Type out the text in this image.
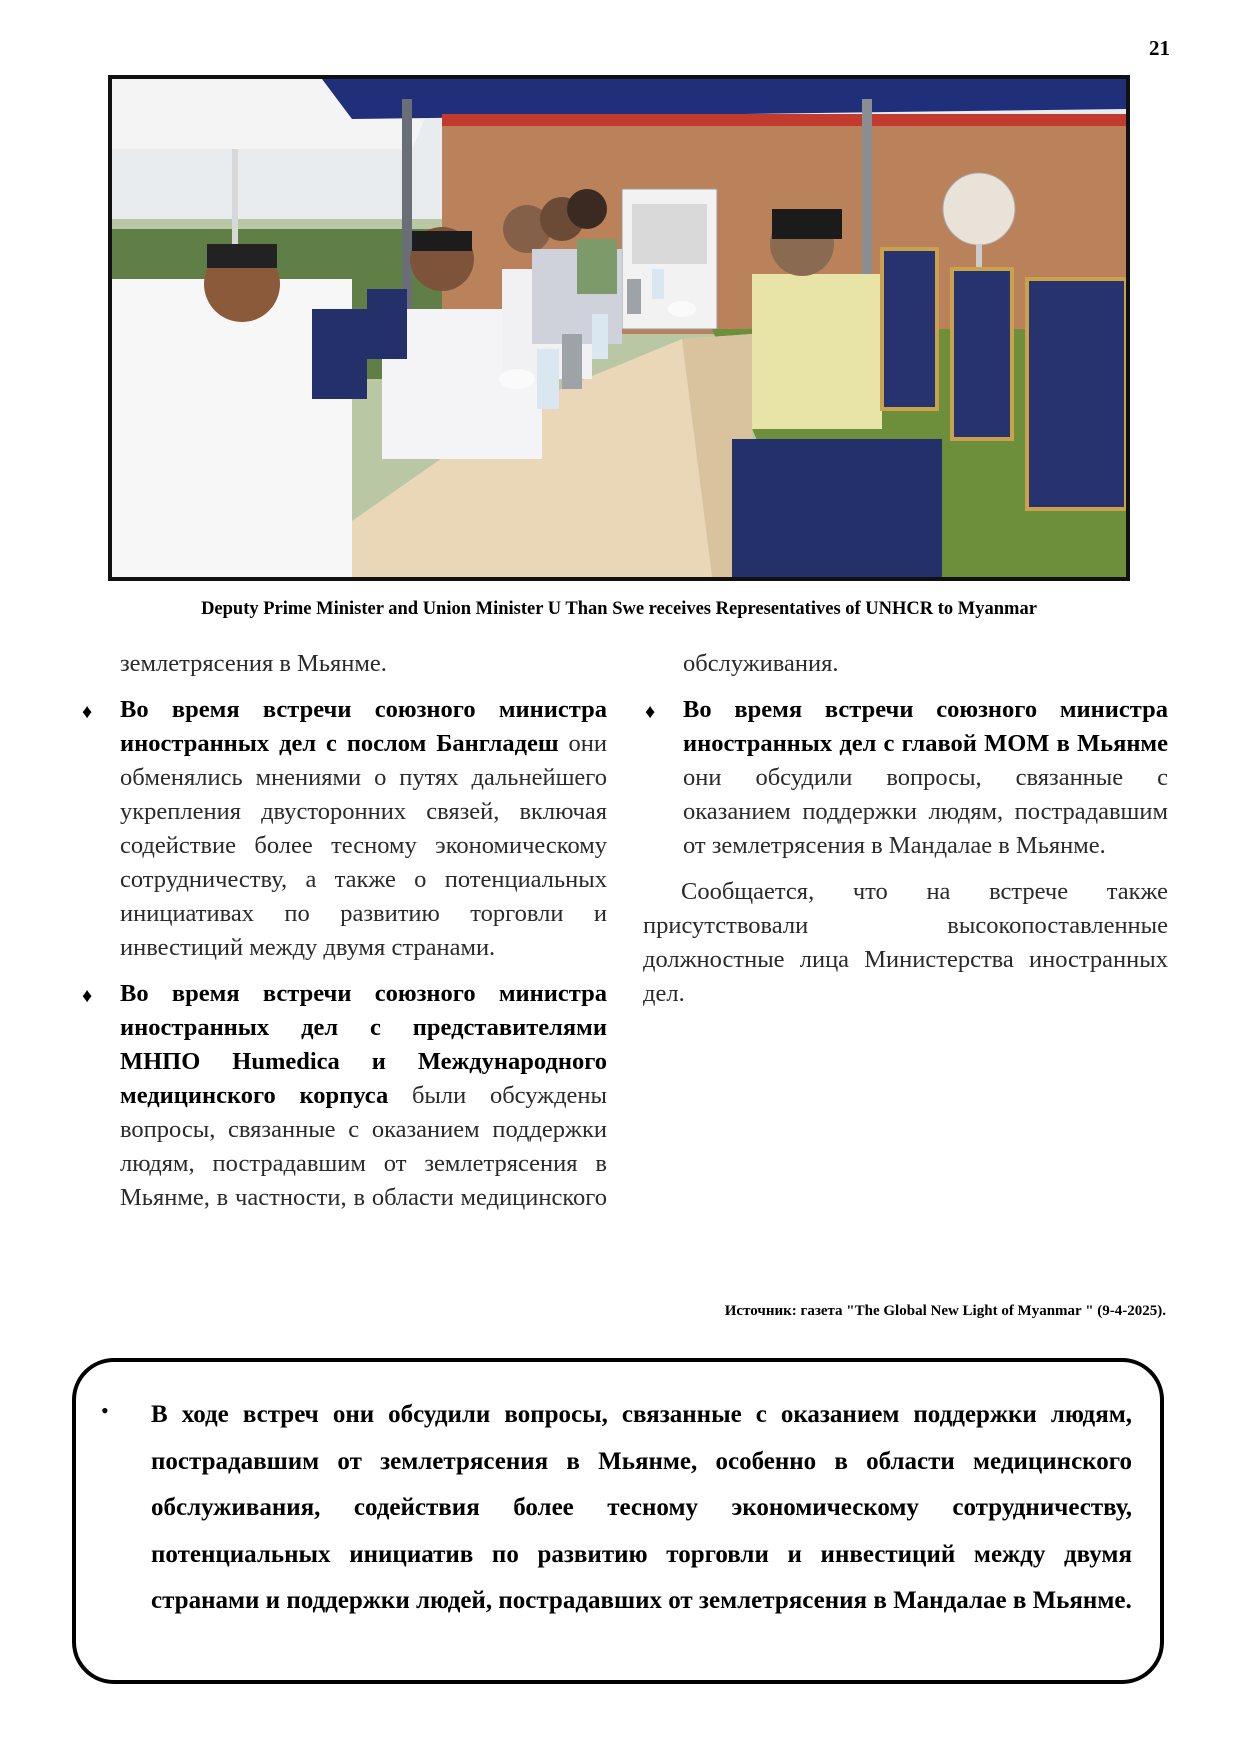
21
Deputy Prime Minister and Union Minister U Than Swe receives Representatives of UNHCR to Myanmar

землетрясения в Мьянме.

♦ Во время встречи союзного министра иностранных дел с послом Бангладеш они обменялись мнениями о путях дальнейшего укрепления двусторонних связей, включая содействие более тесному экономическому сотрудничеству, а также о потенциальных инициативах по развитию торговли и инвестиций между двумя странами.

♦ Во время встречи союзного министра иностранных дел с представителями МНПО Humedica и Международного медицинского корпуса были обсуждены вопросы, связанные с оказанием поддержки людям, пострадавшим от землетрясения в Мьянме, в частности, в области медицинского

обслуживания.

♦ Во время встречи союзного министра иностранных дел с главой МОМ в Мьянме они обсудили вопросы, связанные с оказанием поддержки людям, пострадавшим от землетрясения в Мандалае в Мьянме.

Сообщается, что на встрече также присутствовали высокопоставленные должностные лица Министерства иностранных дел.

Источник: газета "The Global New Light of Myanmar " (9-4-2025).
•	В ходе встреч они обсудили вопросы, связанные с оказанием поддержки людям, пострадавшим от землетрясения в Мьянме, особенно в области медицинского обслуживания, содействия более тесному экономическому сотрудничеству, потенциальных инициатив по развитию торговли и инвестиций между двумя странами и поддержки людей, пострадавших от землетрясения в Мандалае в Мьянме.
